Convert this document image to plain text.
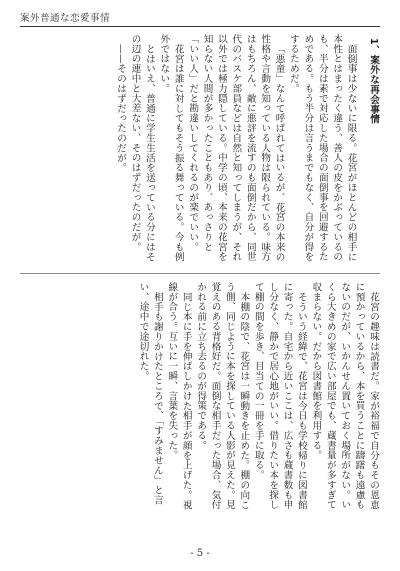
案外普通な恋愛事情
1、案外な再会事情

面倒事は少ないに限る。花宮がほとんどの相手に本性とはまったく違う、善人の皮をかぶっているのも、半分は素で対応した場合の面倒事を回避するためである。もう半分は言うまでもなく、自分が得をするためだ。

「悪童」なんて呼ばれてはいるが、花宮の本来の性格や言動を知っている人物は限られている。味方はもちろん、敵に悪評を流すのも面倒だから、同世代のバスケ部員などは自然と知ってしまうが、それ以外では極力隠している。中学の頃、本来の花宮を知らない人間が多かったこともあり、あっさりと「いい人」だと勘違いしてくれるのが楽でいい。

花宮は誰に対してもそう振る舞っている。今も例外ではない。

とはいえ、普通に学生生活を送っている分にはその辺の連中と大差ない、そのはずだったのだが。

——そのはずだったのだが。

花宮の趣味は読書だ。家が裕福で自分もその恩恵に預かっているから、本を買うことに躊躇も遠慮もないのだが、いかんせん置いておく場所がない。いくら大きめの家で広い部屋でも、蔵書量が多すぎて収まらない。だから図書館を利用する。

そういう経緯で、花宮は今日も学校帰りに図書館に寄った。自宅から近いここは、広さも蔵書数も申し分なく、静かで居心地がいい。借りたい本を探して棚の間を歩き、目当ての一冊を手に取る。

本棚の陰で、花宮は一瞬動きを止めた。棚の向こう側、同じように本を探している人影が見えた。見覚えのある背格好だ。面倒な相手だった場合、気付かれる前に立ち去るのが得策である。

同じ本に手を伸ばしかけた相手が顔を上げた。視線が合う。互いに一瞬、言葉を失った。

相手も謝りかけたところで、「すみません」と言い、途中で途切れた。

- 5 -
